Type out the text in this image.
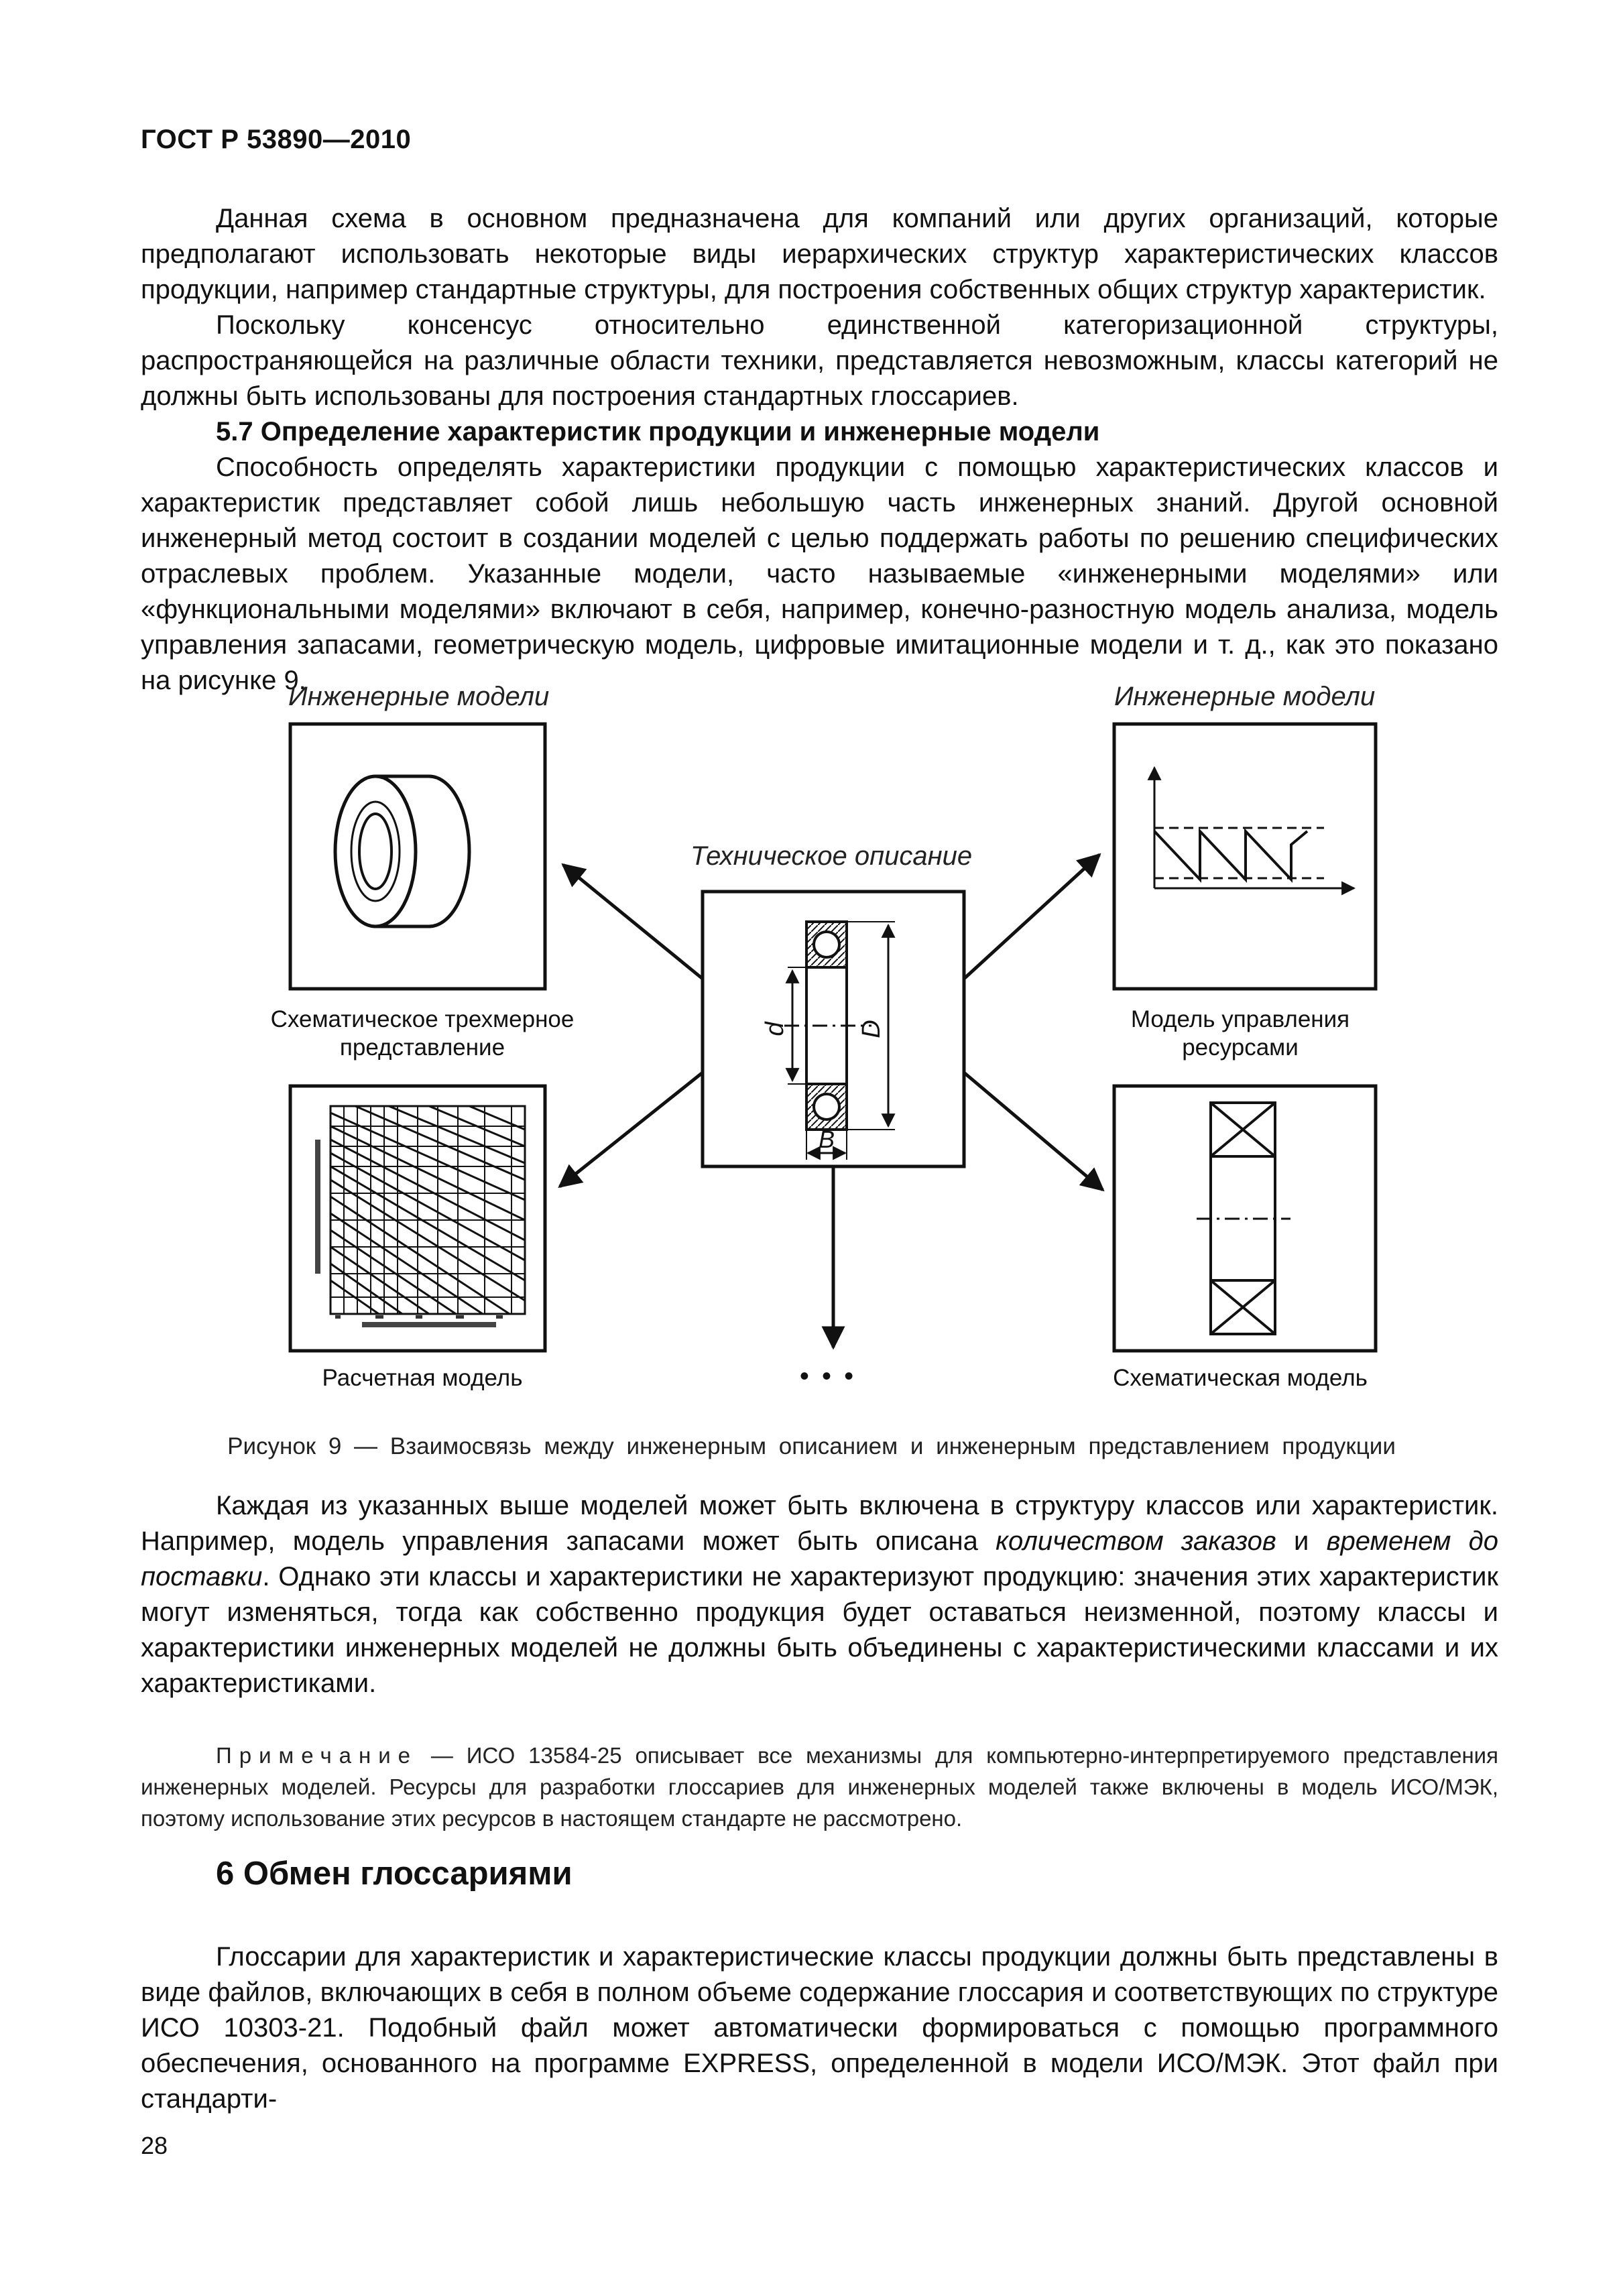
ГОСТ Р 53890—2010

Данная схема в основном предназначена для компаний или других организаций, которые предполагают использовать некоторые виды иерархических структур характеристических классов продукции, например стандартные структуры, для построения собственных общих структур характеристик.

Поскольку консенсус относительно единственной категоризационной структуры, распространяющейся на различные области техники, представляется невозможным, классы категорий не должны быть использованы для построения стандартных глоссариев.

5.7 Определение характеристик продукции и инженерные модели

Способность определять характеристики продукции с помощью характеристических классов и характеристик представляет собой лишь небольшую часть инженерных знаний. Другой основной инженерный метод состоит в создании моделей с целью поддержать работы по решению специфических отраслевых проблем. Указанные модели, часто называемые «инженерными моделями» или «функциональными моделями» включают в себя, например, конечно-разностную модель анализа, модель управления запасами, геометрическую модель, цифровые имитационные модели и т. д., как это показано на рисунке 9.

Инженерные модели	Инженерные модели
Техническое описание
Схематическое трехмерное представление
Модель управления ресурсами
Расчетная модель	Схематическая модель
• • •
d	D
B
Рисунок 9 — Взаимосвязь между инженерным описанием и инженерным представлением продукции

Каждая из указанных выше моделей может быть включена в структуру классов или характеристик. Например, модель управления запасами может быть описана количеством заказов и временем до поставки. Однако эти классы и характеристики не характеризуют продукцию: значения этих характеристик могут изменяться, тогда как собственно продукция будет оставаться неизменной, поэтому классы и характеристики инженерных моделей не должны быть объединены с характеристическими классами и их характеристиками.

Примечание — ИСО 13584-25 описывает все механизмы для компьютерно-интерпретируемого представления инженерных моделей. Ресурсы для разработки глоссариев для инженерных моделей также включены в модель ИСО/МЭК, поэтому использование этих ресурсов в настоящем стандарте не рассмотрено.

6 Обмен глоссариями

Глоссарии для характеристик и характеристические классы продукции должны быть представлены в виде файлов, включающих в себя в полном объеме содержание глоссария и соответствующих по структуре ИСО 10303-21. Подобный файл может автоматически формироваться с помощью программного обеспечения, основанного на программе EXPRESS, определенной в модели ИСО/МЭК. Этот файл при стандарти-

28
